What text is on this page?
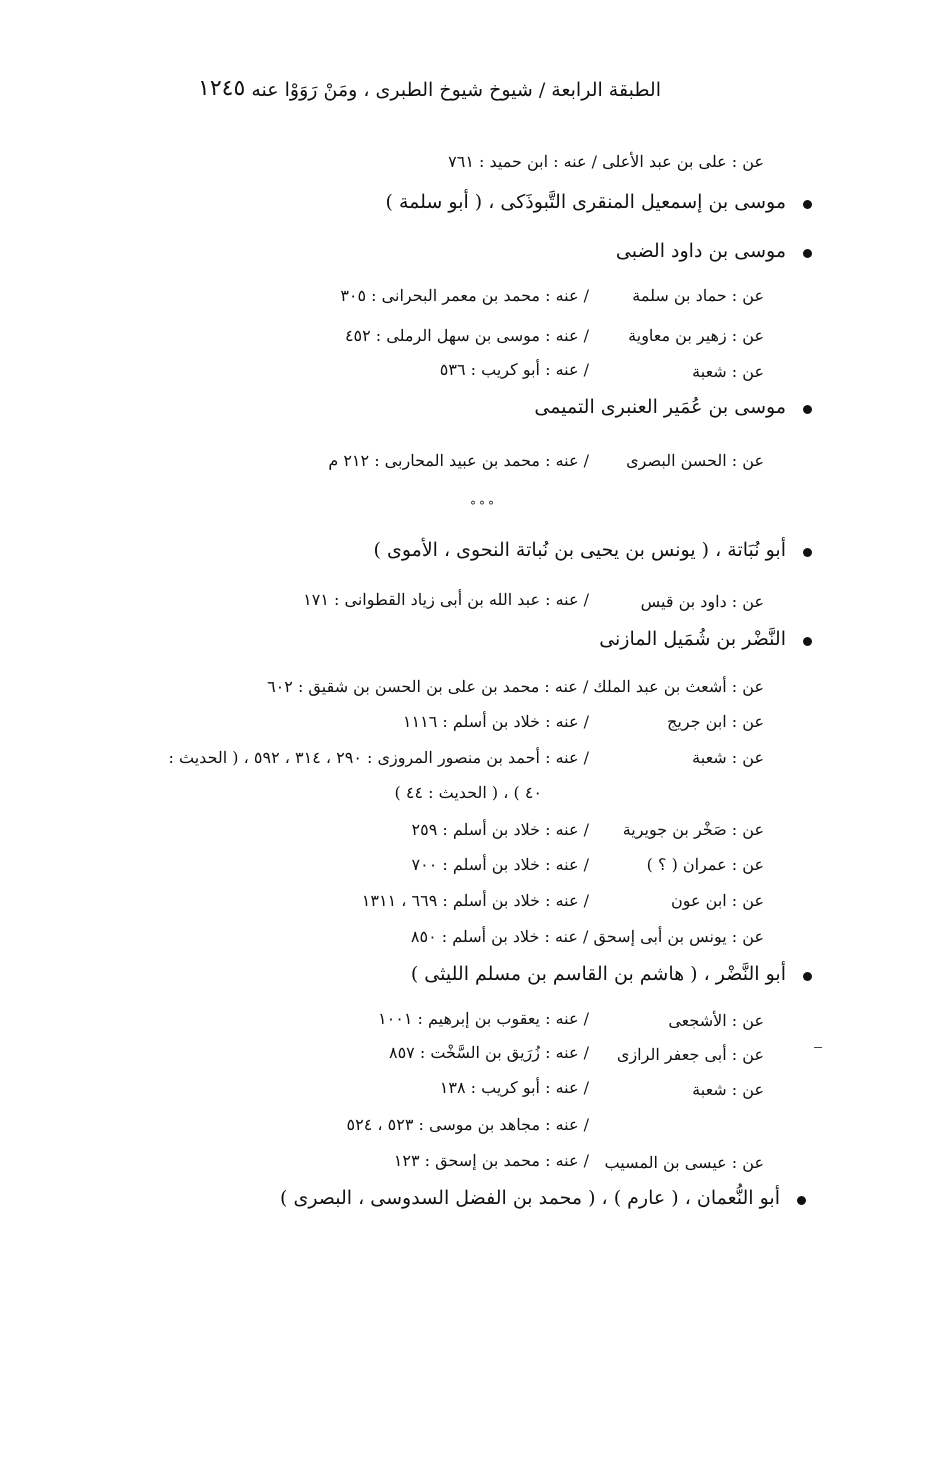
الطبقة الرابعة / شيوخ شيوخ الطبرى ، ومَنْ رَوَوْا عنه
١٢٤٥
عن : على بن عبد الأعلى / عنه : ابن حميد : ٧٦١
موسى بن إسمعيل المنقرى التَّبوذَكى ، ( أبو سلمة )
موسى بن داود الضبى
عن : حماد بن سلمة
/ عنه : محمد بن معمر البحرانى : ٣٠٥
عن : زهير بن معاوية
/ عنه : موسى بن سهل الرملى : ٤٥٢
عن : شعبة
/ عنه : أبو كريب : ٥٣٦
موسى بن عُمَير العنبرى التميمى
عن : الحسن البصرى
/ عنه : محمد بن عبيد المحاربى : ٢١٢ م
°°°
أبو نُبَاتة ، ( يونس بن يحيى بن نُباتة النحوى ، الأموى )
عن : داود بن قيس
/ عنه : عبد الله بن أبى زياد القطوانى : ١٧١
النَّضْر بن شُمَيل المازنى
عن : أشعث بن عبد الملك / عنه : محمد بن على بن الحسن بن شقيق : ٦٠٢
عن : ابن جريج
/ عنه : خلاد بن أسلم : ١١١٦
عن : شعبة
/ عنه : أحمد بن منصور المروزى : ٢٩٠ ، ٣١٤ ، ٥٩٢ ، ( الحديث :
٤٠ ) ، ( الحديث : ٤٤ )
عن : صَخْر بن جويرية
/ عنه : خلاد بن أسلم : ٢٥٩
عن : عمران ( ؟ )
/ عنه : خلاد بن أسلم : ٧٠٠
عن : ابن عون
/ عنه : خلاد بن أسلم : ٦٦٩ ، ١٣١١
عن : يونس بن أبى إسحق / عنه : خلاد بن أسلم : ٨٥٠
أبو النَّضْر ، ( هاشم بن القاسم بن مسلم الليثى )
عن : الأشجعى
/ عنه : يعقوب بن إبرهيم : ١٠٠١
عن : أبى جعفر الرازى
/ عنه : زُرَيق بن السَّخْت : ٨٥٧
عن : شعبة
/ عنه : أبو كريب : ١٣٨
/ عنه : مجاهد بن موسى : ٥٢٣ ، ٥٢٤
عن : عيسى بن المسيب
/ عنه : محمد بن إسحق : ١٢٣
أبو النُّعمان ، ( عارم ) ، ( محمد بن الفضل السدوسى ، البصرى )
